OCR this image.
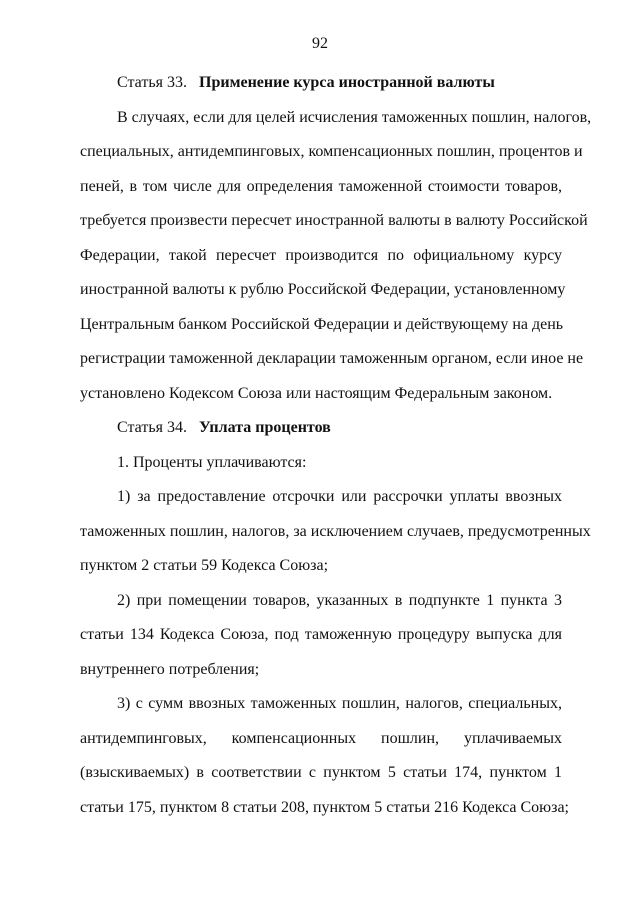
92
Статья 33. Применение курса иностранной валюты
В случаях, если для целей исчисления таможенных пошлин, налогов,
специальных, антидемпинговых, компенсационных пошлин, процентов и
пеней, в том числе для определения таможенной стоимости товаров,
требуется произвести пересчет иностранной валюты в валюту Российской
Федерации, такой пересчет производится по официальному курсу
иностранной валюты к рублю Российской Федерации, установленному
Центральным банком Российской Федерации и действующему на день
регистрации таможенной декларации таможенным органом, если иное не
установлено Кодексом Союза или настоящим Федеральным законом.
Статья 34. Уплата процентов
1. Проценты уплачиваются:
1) за предоставление отсрочки или рассрочки уплаты ввозных
таможенных пошлин, налогов, за исключением случаев, предусмотренных
пунктом 2 статьи 59 Кодекса Союза;
2) при помещении товаров, указанных в подпункте 1 пункта 3
статьи 134 Кодекса Союза, под таможенную процедуру выпуска для
внутреннего потребления;
3) с сумм ввозных таможенных пошлин, налогов, специальных,
антидемпинговых, компенсационных пошлин, уплачиваемых
(взыскиваемых) в соответствии с пунктом 5 статьи 174, пунктом 1
статьи 175, пунктом 8 статьи 208, пунктом 5 статьи 216 Кодекса Союза;
